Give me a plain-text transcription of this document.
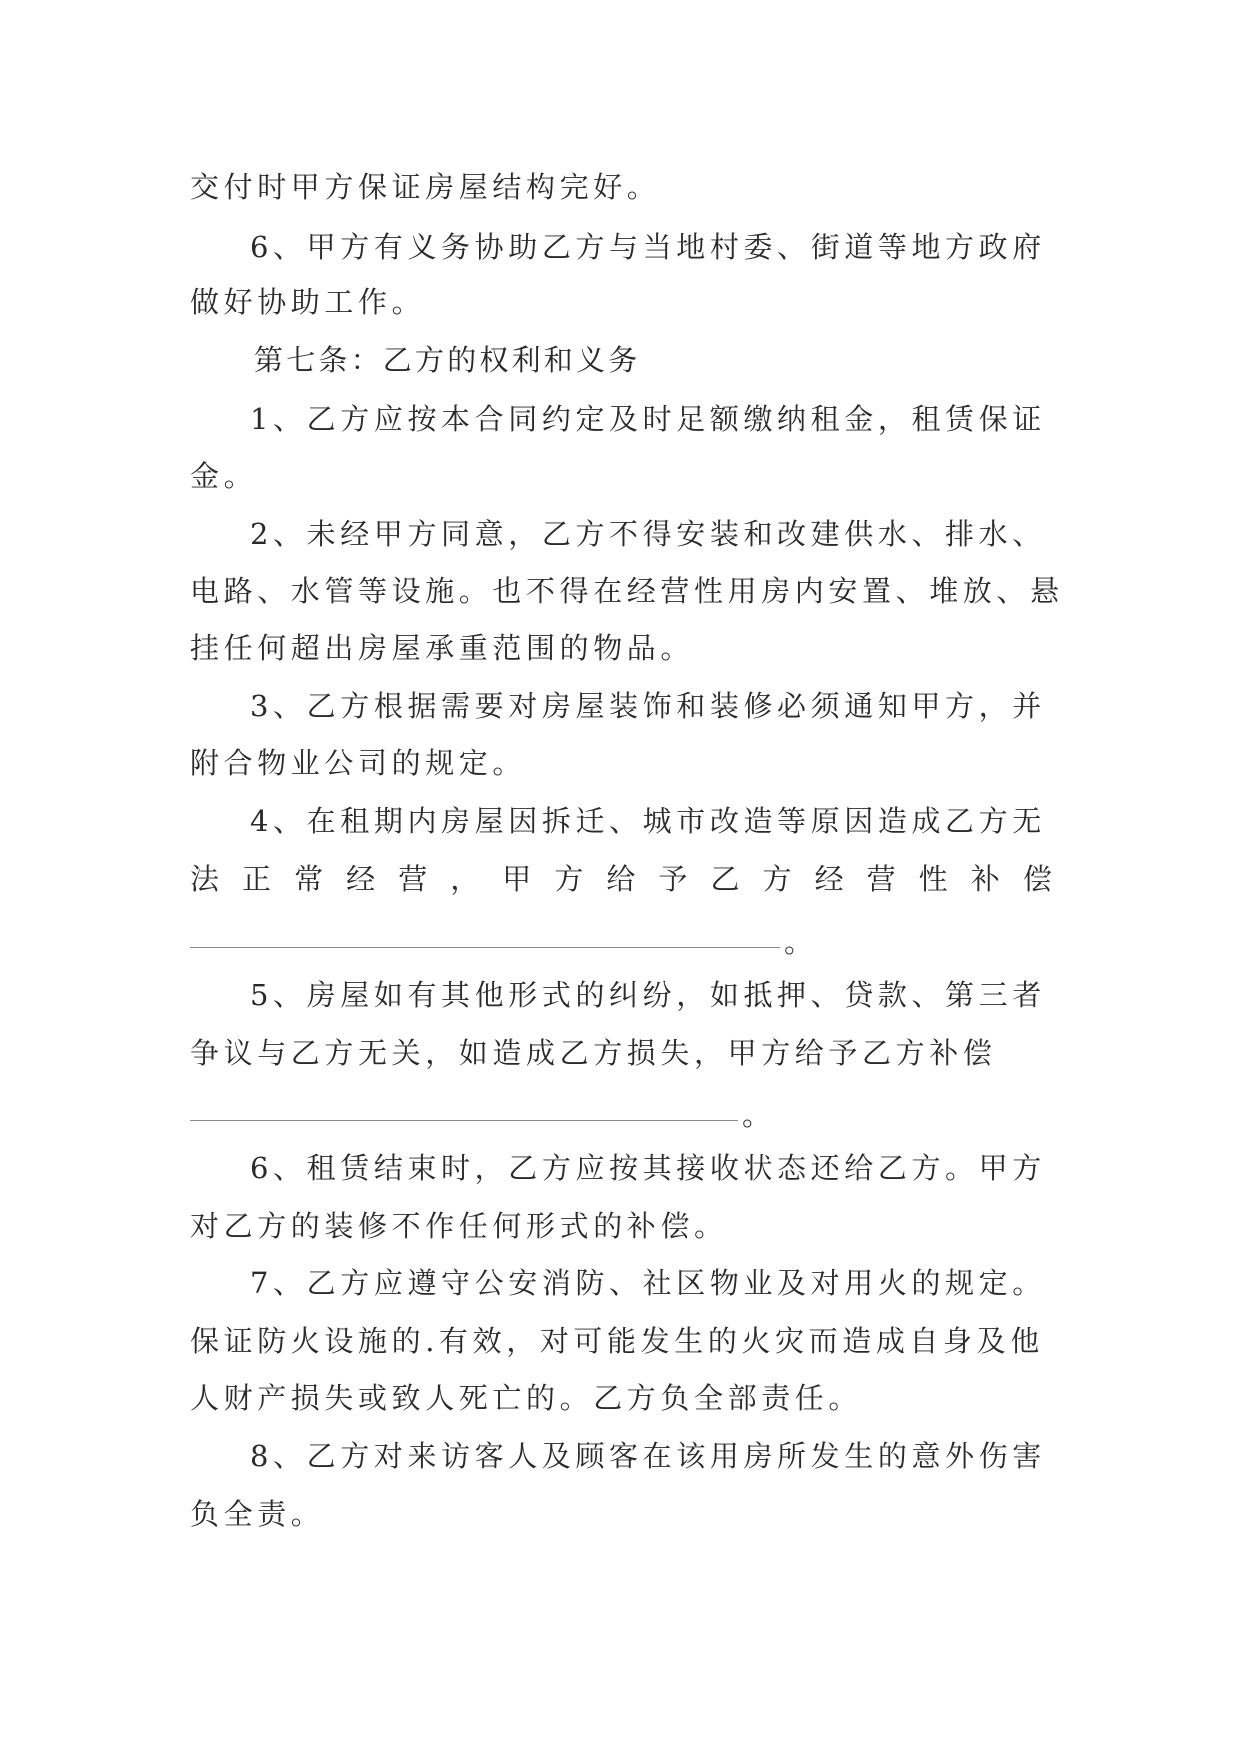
交付时甲方保证房屋结构完好。
6、甲方有义务协助乙方与当地村委、街道等地方政府
做好协助工作。
第七条：乙方的权利和义务
1、乙方应按本合同约定及时足额缴纳租金，租赁保证
金。
2、未经甲方同意，乙方不得安装和改建供水、排水、
电路、水管等设施。也不得在经营性用房内安置、堆放、悬
挂任何超出房屋承重范围的物品。
3、乙方根据需要对房屋装饰和装修必须通知甲方，并
附合物业公司的规定。
4、在租期内房屋因拆迁、城市改造等原因造成乙方无
法 正 常 经 营 ， 甲 方 给 予 乙 方 经 营 性 补 偿
。
5、房屋如有其他形式的纠纷，如抵押、贷款、第三者
争议与乙方无关，如造成乙方损失，甲方给予乙方补偿
。
6、租赁结束时，乙方应按其接收状态还给乙方。甲方
对乙方的装修不作任何形式的补偿。
7、乙方应遵守公安消防、社区物业及对用火的规定。
保证防火设施的.有效，对可能发生的火灾而造成自身及他
人财产损失或致人死亡的。乙方负全部责任。
8、乙方对来访客人及顾客在该用房所发生的意外伤害
负全责。
